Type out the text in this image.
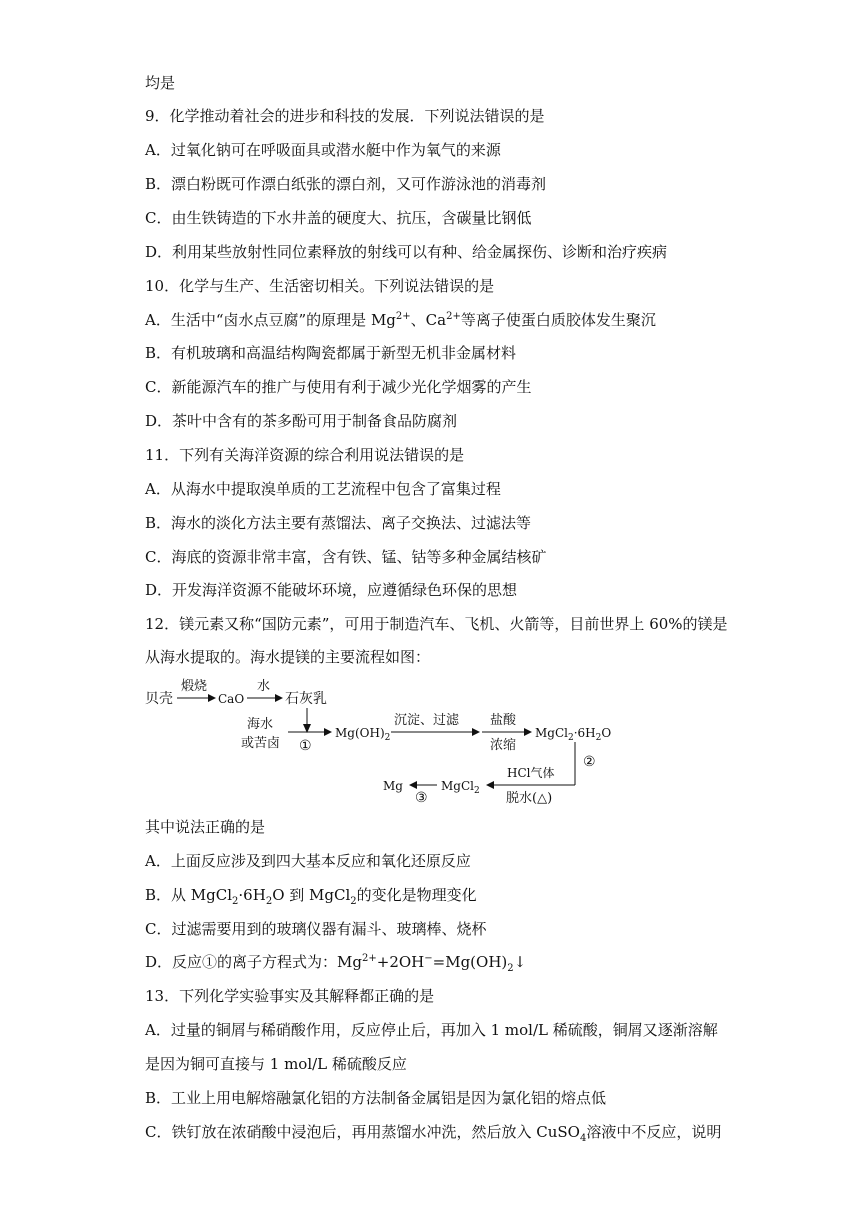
均是
9．化学推动着社会的进步和科技的发展．下列说法错误的是
A．过氧化钠可在呼吸面具或潜水艇中作为氧气的来源
B．漂白粉既可作漂白纸张的漂白剂，又可作游泳池的消毒剂
C．由生铁铸造的下水井盖的硬度大、抗压，含碳量比钢低
D．利用某些放射性同位素释放的射线可以有种、给金属探伤、诊断和治疗疾病
10．化学与生产、生活密切相关。下列说法错误的是
A．生活中“卤水点豆腐”的原理是 $Mg^{2+}$、$Ca^{2+}$等离子使蛋白质胶体发生聚沉
B．有机玻璃和高温结构陶瓷都属于新型无机非金属材料
C．新能源汽车的推广与使用有利于减少光化学烟雾的产生
D．茶叶中含有的茶多酚可用于制备食品防腐剂
11．下列有关海洋资源的综合利用说法错误的是
A．从海水中提取溴单质的工艺流程中包含了富集过程
B．海水的淡化方法主要有蒸馏法、离子交换法、过滤法等
C．海底的资源非常丰富，含有铁、锰、钴等多种金属结核矿
D．开发海洋资源不能破坏环境，应遵循绿色环保的思想
12．镁元素又称“国防元素”，可用于制造汽车、飞机、火箭等，目前世界上 60%的镁是
从海水提取的。海水提镁的主要流程如图：
贝壳
煅烧
CaO
水
石灰乳
海水
或苦卤 ①
$Mg(OH)_2$
沉淀、过滤 盐酸
浓缩
$MgCl_2\cdot 6H_2O$
②
HCl气体
脱水(△)
MgCl$_2$
③
Mg
其中说法正确的是
A．上面反应涉及到四大基本反应和氧化还原反应
B．从 $MgCl_2\cdot 6H_2O$ 到 MgCl$_2$的变化是物理变化
C．过滤需要用到的玻璃仪器有漏斗、玻璃棒、烧杯
D．反应①的离子方程式为：$Mg^{2+}+2OH^-=Mg(OH)_2↓$
13．下列化学实验事实及其解释都正确的是
A．过量的铜屑与稀硝酸作用，反应停止后，再加入 1 mol/L 稀硫酸，铜屑又逐渐溶解
是因为铜可直接与 1 mol/L 稀硫酸反应
B．工业上用电解熔融氯化铝的方法制备金属铝是因为氯化铝的熔点低
C．铁钉放在浓硝酸中浸泡后，再用蒸馏水冲洗，然后放入 CuSO$_4$溶液中不反应，说明
